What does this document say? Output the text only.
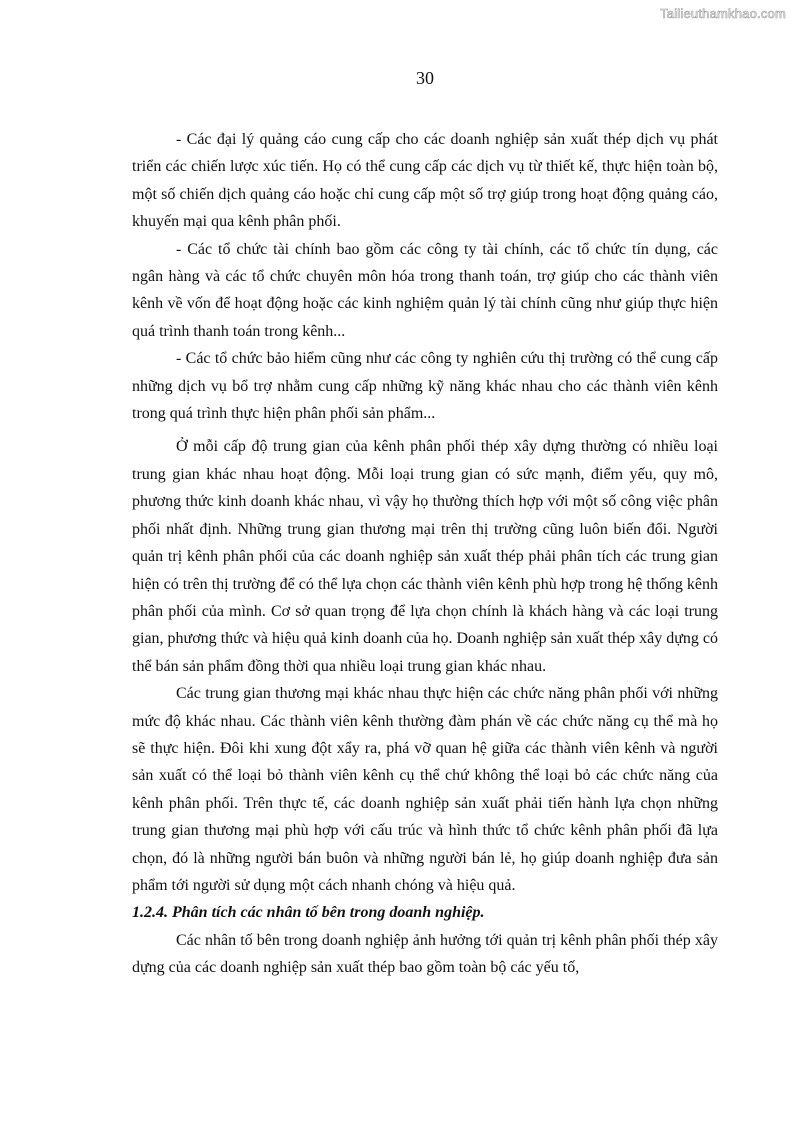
Tailieuthamkhao.com
30

- Các đại lý quảng cáo cung cấp cho các doanh nghiệp sản xuất thép dịch vụ phát triển các chiến lược xúc tiến. Họ có thể cung cấp các dịch vụ từ thiết kế, thực hiện toàn bộ, một số chiến dịch quảng cáo hoặc chỉ cung cấp một số trợ giúp trong hoạt động quảng cáo, khuyến mại qua kênh phân phối.

- Các tổ chức tài chính bao gồm các công ty tài chính, các tổ chức tín dụng, các ngân hàng và các tổ chức chuyên môn hóa trong thanh toán, trợ giúp cho các thành viên kênh về vốn để hoạt động hoặc các kinh nghiệm quản lý tài chính cũng như giúp thực hiện quá trình thanh toán trong kênh...

- Các tổ chức bảo hiểm cũng như các công ty nghiên cứu thị trường có thể cung cấp những dịch vụ bổ trợ nhằm cung cấp những kỹ năng khác nhau cho các thành viên kênh trong quá trình thực hiện phân phối sản phẩm...

Ở mỗi cấp độ trung gian của kênh phân phối thép xây dựng thường có nhiều loại trung gian khác nhau hoạt động. Mỗi loại trung gian có sức mạnh, điểm yếu, quy mô, phương thức kinh doanh khác nhau, vì vậy họ thường thích hợp với một số công việc phân phối nhất định. Những trung gian thương mại trên thị trường cũng luôn biến đổi. Người quản trị kênh phân phối của các doanh nghiệp sản xuất thép phải phân tích các trung gian hiện có trên thị trường để có thể lựa chọn các thành viên kênh phù hợp trong hệ thống kênh phân phối của mình. Cơ sở quan trọng để lựa chọn chính là khách hàng và các loại trung gian, phương thức và hiệu quả kinh doanh của họ. Doanh nghiệp sản xuất thép xây dựng có thể bán sản phẩm đồng thời qua nhiều loại trung gian khác nhau.

Các trung gian thương mại khác nhau thực hiện các chức năng phân phối với những mức độ khác nhau. Các thành viên kênh thường đàm phán về các chức năng cụ thể mà họ sẽ thực hiện. Đôi khi xung đột xẩy ra, phá vỡ quan hệ giữa các thành viên kênh và người sản xuất có thể loại bỏ thành viên kênh cụ thể chứ không thể loại bỏ các chức năng của kênh phân phối. Trên thực tế, các doanh nghiệp sản xuất phải tiến hành lựa chọn những trung gian thương mại phù hợp với cấu trúc và hình thức tổ chức kênh phân phối đã lựa chọn, đó là những người bán buôn và những người bán lẻ, họ giúp doanh nghiệp đưa sản phẩm tới người sử dụng một cách nhanh chóng và hiệu quả.

1.2.4. Phân tích các nhân tố bên trong doanh nghiệp.

Các nhân tố bên trong doanh nghiệp ảnh hưởng tới quản trị kênh phân phối thép xây dựng của các doanh nghiệp sản xuất thép bao gồm toàn bộ các yếu tố,
